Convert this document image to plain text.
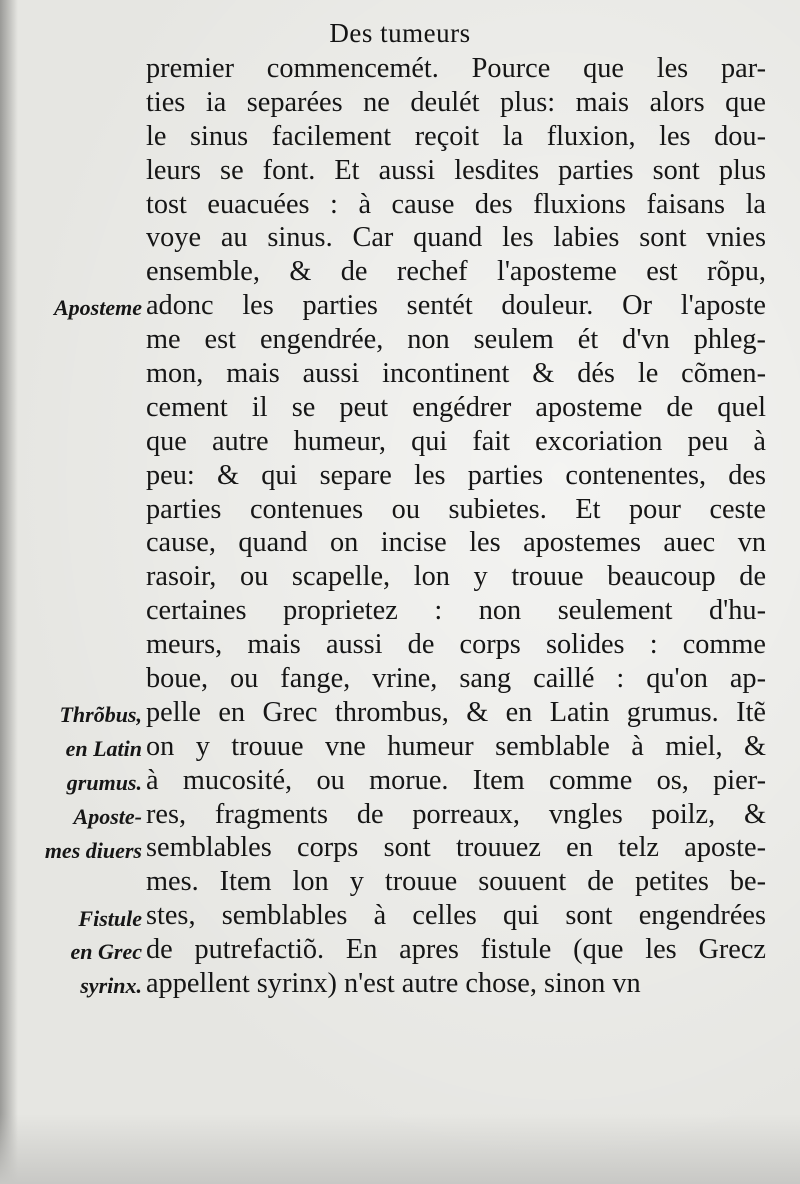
Des tumeurs
Aposteme
Thrõbus,
en Latin
grumus.
Aposte-
mes diuers
Fistule
en Grec
syrinx.
premier commencemét. Pource que les par-
ties ia separées ne deulét plus: mais alors que
le sinus facilement reçoit la fluxion, les dou-
leurs se font. Et aussi lesdites parties sont plus
tost euacuées : à cause des fluxions faisans la
voye au sinus. Car quand les labies sont vnies
ensemble, & de rechef l'aposteme est rõpu,
adonc les parties sentét douleur. Or l'aposte
me est engendrée, non seulem ét d'vn phleg-
mon, mais aussi incontinent & dés le cõmen-
cement il se peut engédrer aposteme de quel
que autre humeur, qui fait excoriation peu à
peu: & qui separe les parties contenentes, des
parties contenues ou subietes. Et pour ceste
cause, quand on incise les apostemes auec vn
rasoir, ou scapelle, lon y trouue beaucoup de
certaines proprietez : non seulement d'hu-
meurs, mais aussi de corps solides : comme
boue, ou fange, vrine, sang caillé : qu'on ap-
pelle en Grec thrombus, & en Latin grumus. Itẽ
on y trouue vne humeur semblable à miel, &
à mucosité, ou morue. Item comme os, pier-
res, fragments de porreaux, vngles poilz, &
semblables corps sont trouuez en telz aposte-
mes. Item lon y trouue souuent de petites be-
stes, semblables à celles qui sont engendrées
de putrefactiõ. En apres fistule (que les Grecz
appellent syrinx) n'est autre chose, sinon vn
